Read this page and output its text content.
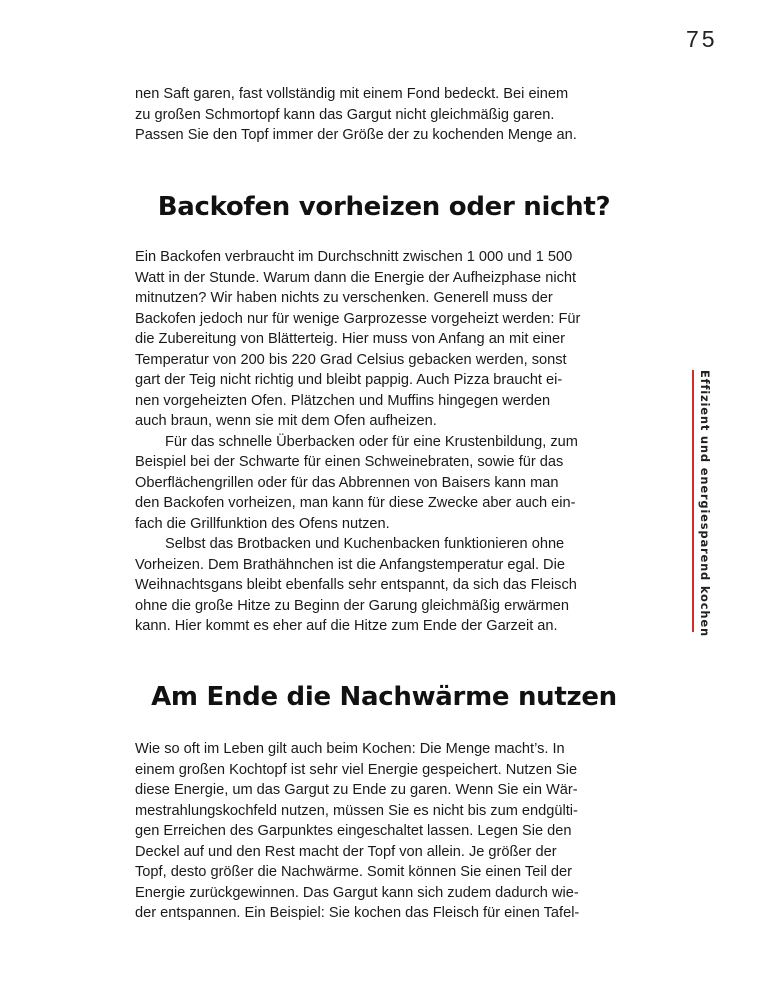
75

nen Saft garen, fast vollständig mit einem Fond bedeckt. Bei einem
zu großen Schmortopf kann das Gargut nicht gleichmäßig garen.
Passen Sie den Topf immer der Größe der zu kochenden Menge an.

Backofen vorheizen oder nicht?

Ein Backofen verbraucht im Durchschnitt zwischen 1 000 und 1 500
Watt in der Stunde. Warum dann die Energie der Aufheizphase nicht
mitnutzen? Wir haben nichts zu verschenken. Generell muss der
Backofen jedoch nur für wenige Garprozesse vorgeheizt werden: Für
die Zubereitung von Blätterteig. Hier muss von Anfang an mit einer
Temperatur von 200 bis 220 Grad Celsius gebacken werden, sonst
gart der Teig nicht richtig und bleibt pappig. Auch Pizza braucht ei-
nen vorgeheizten Ofen. Plätzchen und Muffins hingegen werden
auch braun, wenn sie mit dem Ofen aufheizen.

Für das schnelle Überbacken oder für eine Krustenbildung, zum
Beispiel bei der Schwarte für einen Schweinebraten, sowie für das
Oberflächengrillen oder für das Abbrennen von Baisers kann man
den Backofen vorheizen, man kann für diese Zwecke aber auch ein-
fach die Grillfunktion des Ofens nutzen.

Selbst das Brotbacken und Kuchenbacken funktionieren ohne
Vorheizen. Dem Brathähnchen ist die Anfangstemperatur egal. Die
Weihnachtsgans bleibt ebenfalls sehr entspannt, da sich das Fleisch
ohne die große Hitze zu Beginn der Garung gleichmäßig erwärmen
kann. Hier kommt es eher auf die Hitze zum Ende der Garzeit an.

Am Ende die Nachwärme nutzen

Wie so oft im Leben gilt auch beim Kochen: Die Menge macht’s. In
einem großen Kochtopf ist sehr viel Energie gespeichert. Nutzen Sie
diese Energie, um das Gargut zu Ende zu garen. Wenn Sie ein Wär-
mestrahlungskochfeld nutzen, müssen Sie es nicht bis zum endgülti-
gen Erreichen des Garpunktes eingeschaltet lassen. Legen Sie den
Deckel auf und den Rest macht der Topf von allein. Je größer der
Topf, desto größer die Nachwärme. Somit können Sie einen Teil der
Energie zurückgewinnen. Das Gargut kann sich zudem dadurch wie-
der entspannen. Ein Beispiel: Sie kochen das Fleisch für einen Tafel-

Effizient und energiesparend kochen
